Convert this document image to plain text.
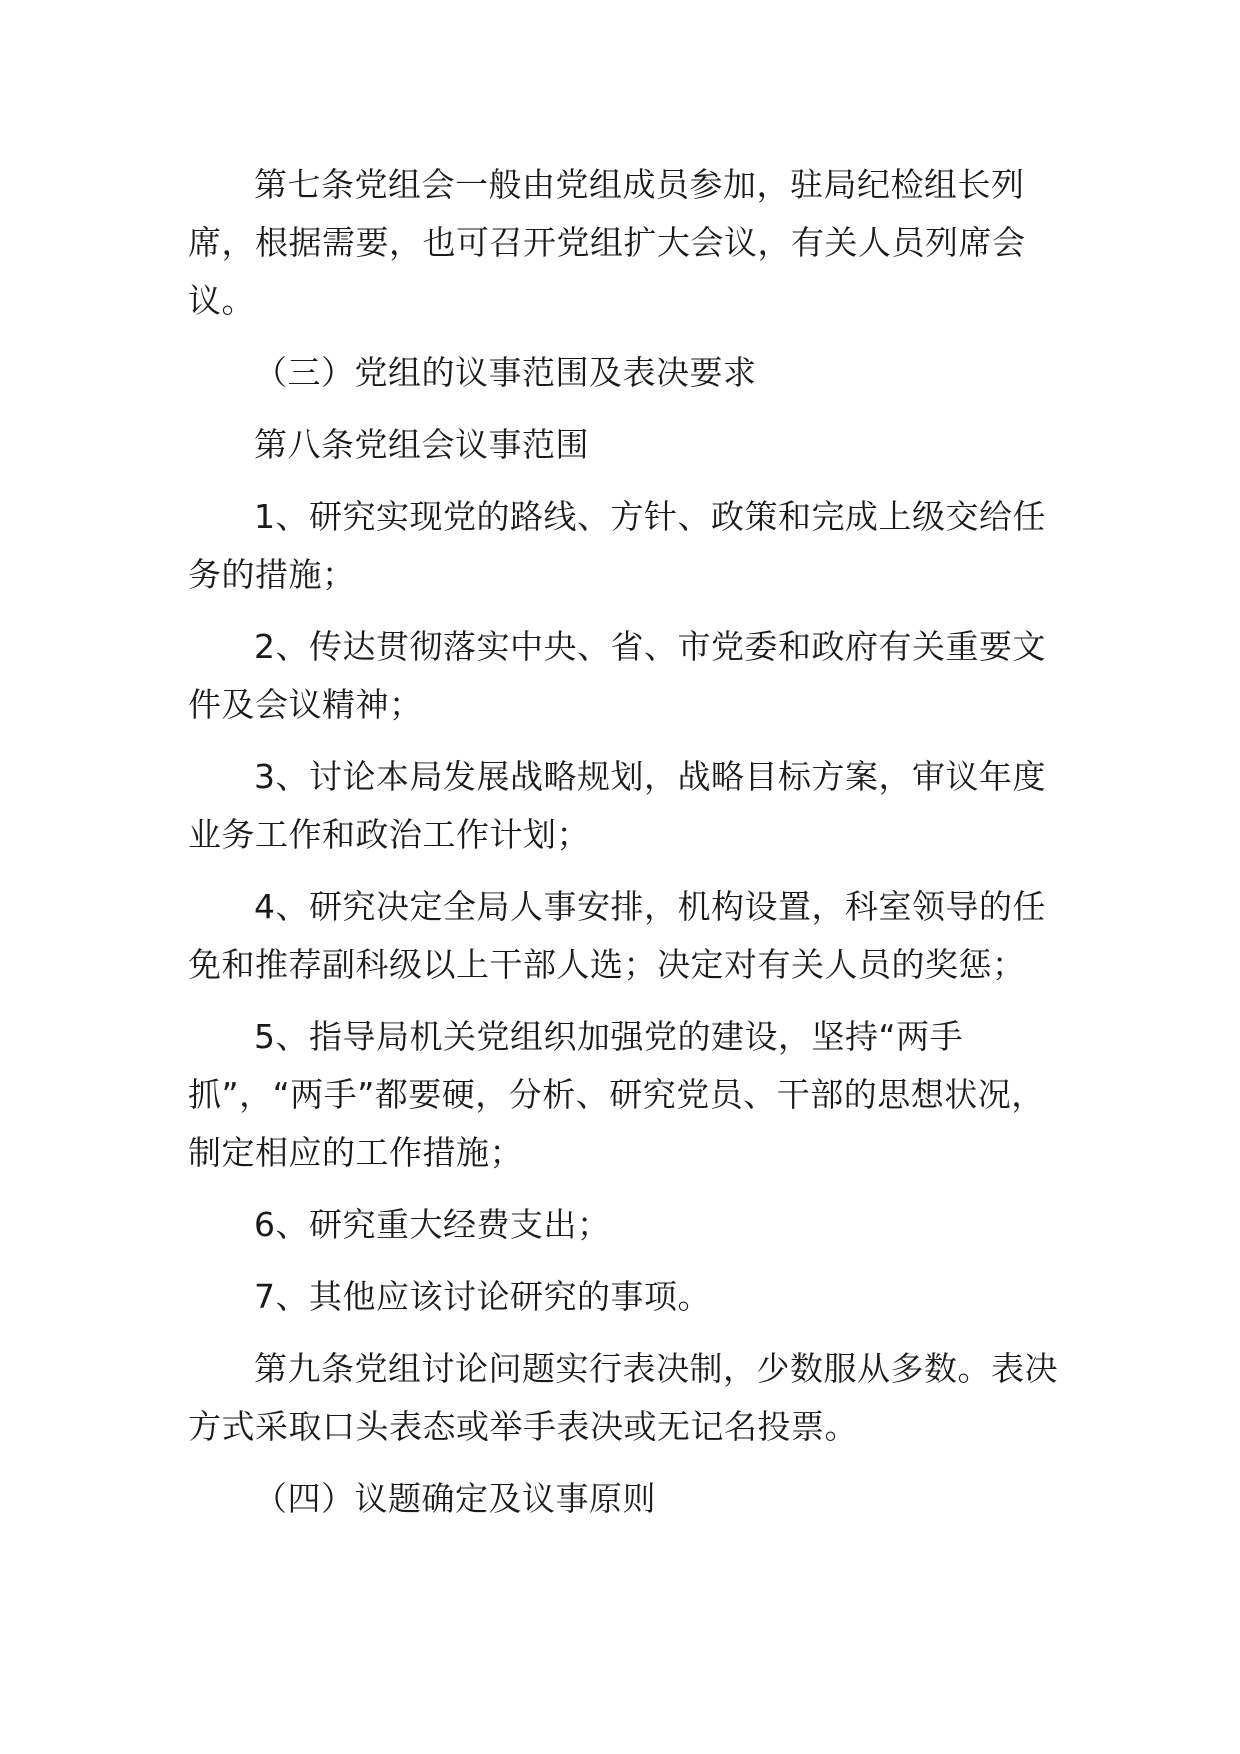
第七条党组会一般由党组成员参加，驻局纪检组长列席，根据需要，也可召开党组扩大会议，有关人员列席会议。

（三）党组的议事范围及表决要求

第八条党组会议事范围

1、研究实现党的路线、方针、政策和完成上级交给任务的措施；

2、传达贯彻落实中央、省、市党委和政府有关重要文件及会议精神；

3、讨论本局发展战略规划，战略目标方案，审议年度业务工作和政治工作计划；

4、研究决定全局人事安排，机构设置，科室领导的任免和推荐副科级以上干部人选；决定对有关人员的奖惩；

5、指导局机关党组织加强党的建设，坚持“两手抓”，“两手”都要硬，分析、研究党员、干部的思想状况，制定相应的工作措施；

6、研究重大经费支出；

7、其他应该讨论研究的事项。

第九条党组讨论问题实行表决制，少数服从多数。表决方式采取口头表态或举手表决或无记名投票。

（四）议题确定及议事原则
